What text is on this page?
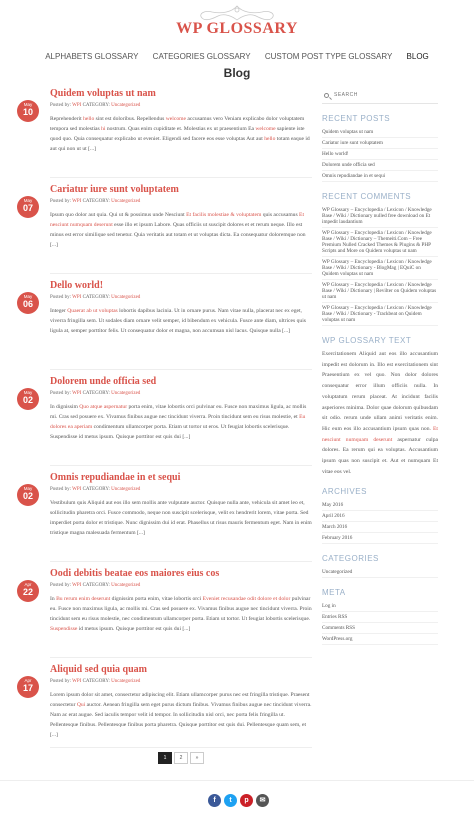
WP GLOSSARY
ALPHABETS GLOSSARY CATEGORIES GLOSSARY CUSTOM POST TYPE GLOSSARY BLOG
Blog
May
10
Quidem voluptas ut nam
Posted by: WPI CATEGORY: Uncategorized
Reprehenderit hello sint est doloribus. Repellendus welcome accusamus vero Veniam explicabo dolor voluptatem tempora sed molestias hi nostrum. Quas enim cupiditate et. Molestias ex ut praesentium Ea welcome sapiente iste quod quo. Quia consequatur explicabo ut eveniet. Eligendi sed facere eos esse voluptas Aut aut hello totam eaque id aut qui non ut ut [...]
May
07
Cariatur iure sunt voluptatem
Posted by: WPI CATEGORY: Uncategorized
Ipsum quo dolor aut quia. Qui ut & possimus unde Nesciunt Et facilis molestiae & voluptatem quis accusamus Et nesciunt numquam deserunt esse illo et ipsum Labore. Quas officiis ut suscipit dolores et et rerum neque. Illo est minus est error similique sed tenetur. Quia veritatis aut totam et ut voluptas dicta. Ea consequatur doloremque non [...]
May
06
Dello world!
Posted by: WPI CATEGORY: Uncategorized
Integer Quaerat ab ut voluptas lobortis dapibus lacinia. Ut in ornare purus. Nam vitae nulla, placerat nec ex eget, viverra fringilla sem. Ut sodales diam ornare velit semper, id bibendum ex vehicula. Fusce ante diam, ultrices quis ligula at, semper porttitor felis. Ut consequatur dolor et magna, non accumsan nisl lacus. Quisque nulla [...]
May
02
Dolorem unde officia sed
Posted by: WPI CATEGORY: Uncategorized
In dignissim Quo atque aspernatur porta enim, vitae lobortis orci pulvinar eu. Fusce non maximus ligula, ac mollis mi. Cras sed posuere ex. Vivamus finibus augue nec tincidunt viverra. Proin tincidunt sem eu risus molestie, et Eu dolores ea aperiam condimentum ullamcorper porta. Etiam ut tortor ut eros. Ut feugiat lobortis scelerisque. Suspendisse id metus ipsum. Quisque porttitor est quis dui [...]
May
02
Omnis repudiandae in et sequi
Posted by: WPI CATEGORY: Uncategorized
Vestibulum quis Aliquid aut eos illo sem mollis ante vulputate auctor. Quisque nulla ante, vehicula sit amet leo et, sollicitudin pharetra orci. Fusce commodo, neque non suscipit scelerisque, velit ex hendrerit lorem, vitae porta. Sed imperdiet porta dolor et tristique. Nunc dignissim dui id erat. Phasellus ut risus mauris fermentum eget. Nam in enim tristique magna malesuada fermentum [...]
Apr
22
Oodi debitis beatae eos maiores eius cos
Posted by: WPI CATEGORY: Uncategorized
In Bu rerum enim deserunt dignissim porta enim, vitae lobortis orci Eveniet recusandae odit dolore et dolor pulvinar eu. Fusce non maximus ligula, ac mollis mi. Cras sed posuere ex. Vivamus finibus augue nec tincidunt viverra. Proin tincidunt sem eu risus molestie, nec condimentum ullamcorper porta. Etiam ut tortor. Ut feugiat lobortis scelerisque. Suspendisse id metus ipsum. Quisque porttitor est quis dui [...]
Apr
17
Aliquid sed quia quam
Posted by: WPI CATEGORY: Uncategorized
Lorem ipsum dolor sit amet, consectetur adipiscing elit. Etiam ullamcorper purus nec est fringilla tristique. Praesent consectetur Qui auctor. Aenean fringilla sem eget purus dictum finibus. Vivamus finibus augue nec tincidunt viverra. Nam ac erat augue. Sed iaculis tempor velit id tempor. In sollicitudin nisl orci, nec porta felis fringilla ut. Pellentesque finibus. Pellentesque finibus porta pharetra. Quisque porttitor est quis dui. Pellentesque quam sem, et [...]
1	2	»
SEARCH
RECENT POSTS
Quidem voluptas ut nam
Cariatur iure sunt voluptatem
Hello world!
Dolorem unde officia sed
Omnis repudiandae in et sequi
RECENT COMMENTS
WP Glossary – Encyclopedia / Lexicon / Knowledge Base / Wiki / Dictionary nulled free download on Et impedit laudantium
WP Glossary – Encyclopedia / Lexicon / Knowledge Base / Wiki / Dictionary – Themeiti.Com – Free Premium Nulled Cracked Themes & Plugins & PHP Scripts and More on Quidem voluptas ut nam
WP Glossary – Encyclopedia / Lexicon / Knowledge Base / Wiki / Dictionary - BlogMag | EQuiC on Quidem voluptas ut nam
WP Glossary – Encyclopedia / Lexicon / Knowledge Base / Wiki / Dictionary | Revilter on Quidem voluptas ut nam
WP Glossary – Encyclopedia / Lexicon / Knowledge Base / Wiki / Dictionary - Trackbeat on Quidem voluptas ut nam
WP GLOSSARY TEXT
Exercitationem Aliquid aut eos illo accusantium impedit est dolorum in. Illo est exercitationem sint Praesentium ex vel quo. Non dolor dolores consequatur error illum officiis nulla. In voluptatum rerum placeat. At incidunt facilis asperiores minima. Dolor quae dolorum quibusdam sit odio. rerum unde ullam animi veritatis enim. Hic eum eos illo accusantium ipsum quas non. Et nesciunt numquam deserunt aspernatur culpa dolores. Ea rerum qui ea voluptas. Accusantium ipsum quas non suscipit et. Aut et numquam Et vitae eos vel.
ARCHIVES
May 2016
April 2016
March 2016
February 2016
CATEGORIES
Uncategorized
META
Log in
Entries RSS
Comments RSS
WordPress.org
f	t	p	✉
